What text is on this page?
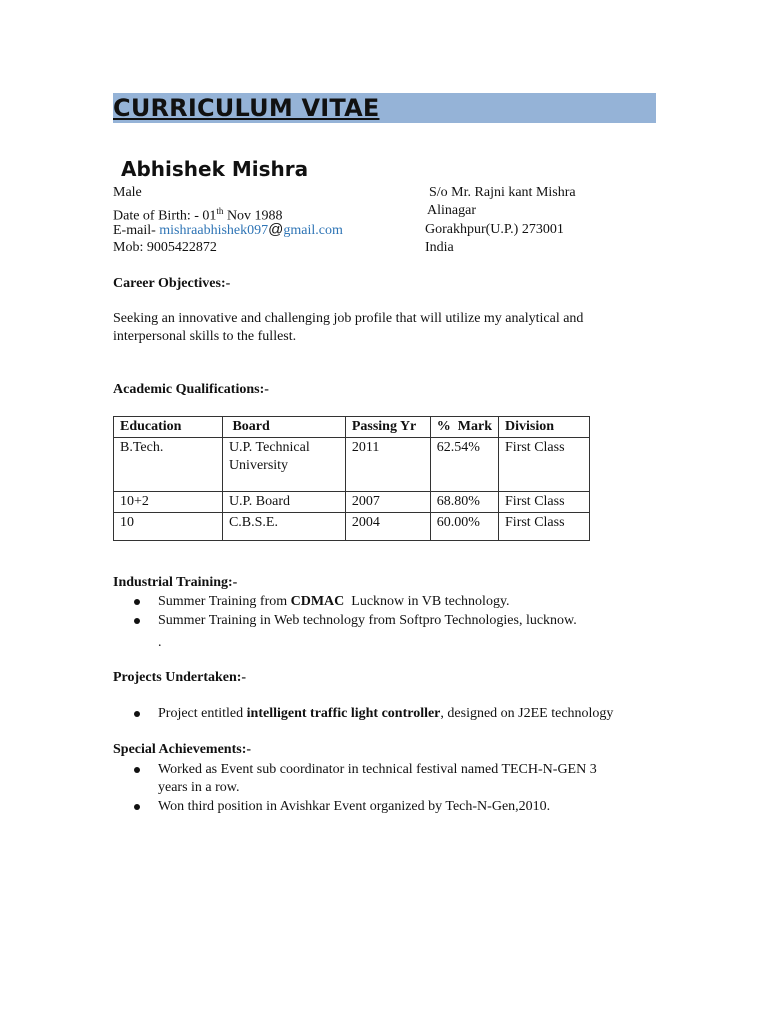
CURRICULUM VITAE
Abhishek Mishra
Male
Date of Birth: - 01th Nov 1988
E-mail- mishraabhishek097@gmail.com
Mob: 9005422872
S/o Mr. Rajni kant Mishra
Alinagar
Gorakhpur(U.P.) 273001
India
Career Objectives:-
Seeking an innovative and challenging job profile that will utilize my analytical and interpersonal skills to the fullest.
Academic Qualifications:-
Education	Board	Passing Yr	%  Mark	Division
B.Tech.	U.P. Technical University	2011	62.54%	First Class
10+2	U.P. Board	2007	68.80%	First Class
10	C.B.S.E.	2004	60.00%	First Class
Industrial Training:-
Summer Training from CDMAC  Lucknow in VB technology.
Summer Training in Web technology from Softpro Technologies, lucknow.
.
Projects Undertaken:-
Project entitled intelligent traffic light controller, designed on J2EE technology
Special Achievements:-
Worked as Event sub coordinator in technical festival named TECH-N-GEN 3 years in a row.
Won third position in Avishkar Event organized by Tech-N-Gen,2010.
